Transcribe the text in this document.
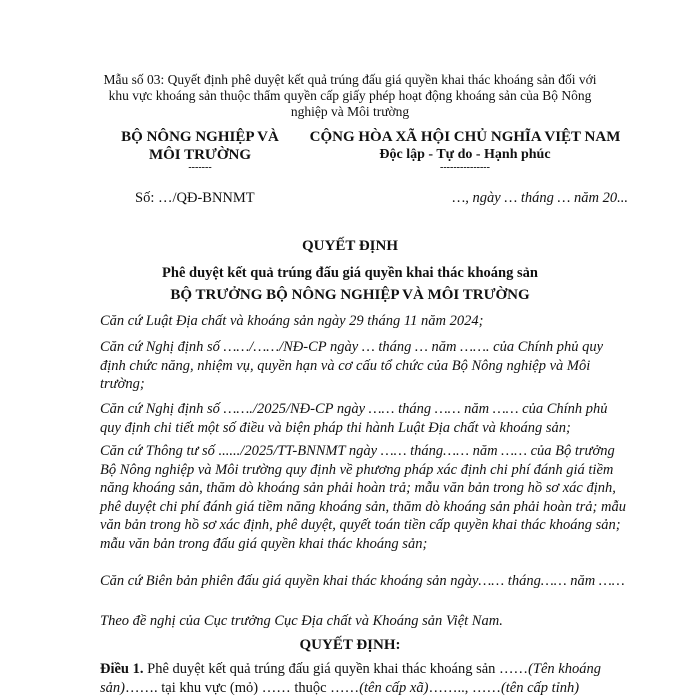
Mẫu số 03: Quyết định phê duyệt kết quả trúng đấu giá quyền khai thác khoáng sản đối với khu vực khoáng sản thuộc thẩm quyền cấp giấy phép hoạt động khoáng sản của Bộ Nông nghiệp và Môi trường
BỘ NÔNG NGHIỆP VÀ
MÔI TRƯỜNG
-------
CỘNG HÒA XÃ HỘI CHỦ NGHĨA VIỆT NAM
Độc lập - Tự do - Hạnh phúc
---------------
Số: …/QĐ-BNNMT	…, ngày … tháng … năm 20...
QUYẾT ĐỊNH
Phê duyệt kết quả trúng đấu giá quyền khai thác khoáng sản
BỘ TRƯỞNG BỘ NÔNG NGHIỆP VÀ MÔI TRƯỜNG
Căn cứ Luật Địa chất và khoáng sản ngày 29 tháng 11 năm 2024;
Căn cứ Nghị định số ……/……/NĐ-CP ngày … tháng … năm ……. của Chính phủ quy định chức năng, nhiệm vụ, quyền hạn và cơ cấu tổ chức của Bộ Nông nghiệp và Môi trường;
Căn cứ Nghị định số ……./2025/NĐ-CP ngày …… tháng …… năm …… của Chính phủ quy định chi tiết một số điều và biện pháp thi hành Luật Địa chất và khoáng sản;
Căn cứ Thông tư số ....../2025/TT-BNNMT ngày …… tháng…… năm …… của Bộ trưởng Bộ Nông nghiệp và Môi trường quy định về phương pháp xác định chi phí đánh giá tiềm năng khoáng sản, thăm dò khoáng sản phải hoàn trả; mẫu văn bản trong hồ sơ xác định, phê duyệt chi phí đánh giá tiềm năng khoáng sản, thăm dò khoáng sản phải hoàn trả; mẫu văn bản trong hồ sơ xác định, phê duyệt, quyết toán tiền cấp quyền khai thác khoáng sản; mẫu văn bản trong đấu giá quyền khai thác khoáng sản;
Căn cứ Biên bản phiên đấu giá quyền khai thác khoáng sản ngày…… tháng…… năm ……
Theo đề nghị của Cục trưởng Cục Địa chất và Khoáng sản Việt Nam.
QUYẾT ĐỊNH:
Điều 1. Phê duyệt kết quả trúng đấu giá quyền khai thác khoáng sản ……(Tên khoáng sản)……. tại khu vực (mỏ) …… thuộc ……(tên cấp xã)…….., ……(tên cấp tỉnh)
